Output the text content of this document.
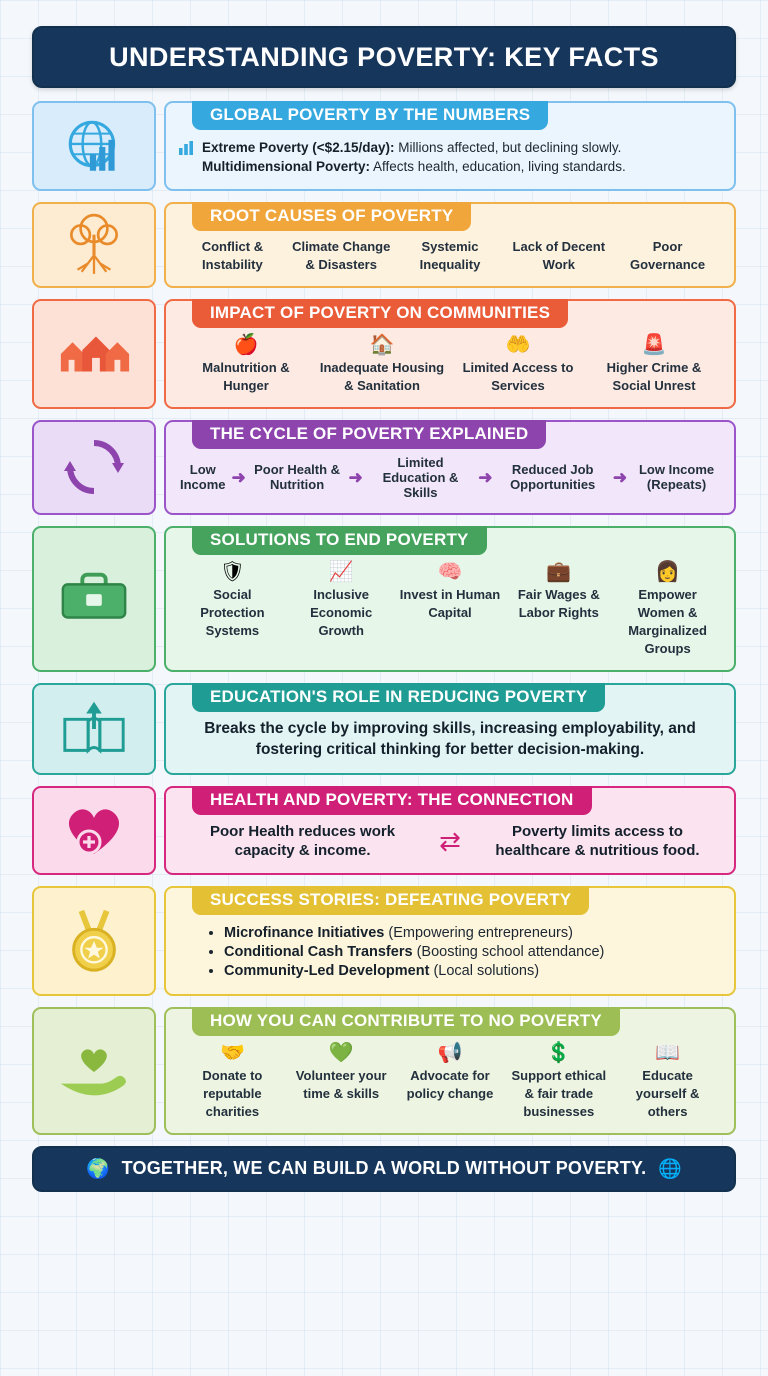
UNDERSTANDING POVERTY: KEY FACTS
GLOBAL POVERTY BY THE NUMBERS
Extreme Poverty (<$2.15/day): Millions affected, but declining slowly.
Multidimensional Poverty: Affects health, education, living standards.
ROOT CAUSES OF POVERTY
Conflict & Instability
Climate Change & Disasters
Systemic Inequality
Lack of Decent Work
Poor Governance
IMPACT OF POVERTY ON COMMUNITIES
🍎
Malnutrition & Hunger
🏠
Inadequate Housing & Sanitation
🤲
Limited Access to Services
🚨
Higher Crime & Social Unrest
THE CYCLE OF POVERTY EXPLAINED
Low Income ➜ Poor Health & Nutrition	➜
Limited Education & Skills
➜	Reduced Job Opportunities	➜ Low Income (Repeats)
SOLUTIONS TO END POVERTY
🛡
Social Protection Systems
📈
Inclusive Economic Growth
🧠
Invest in Human Capital
💼
Fair Wages & Labor Rights
👩
Empower Women & Marginalized Groups
EDUCATION'S ROLE IN REDUCING POVERTY
Breaks the cycle by improving skills, increasing employability, and fostering critical thinking for better decision-making.
HEALTH AND POVERTY: THE CONNECTION
Poor Health reduces work capacity & income.	⇄	Poverty limits access to healthcare & nutritious food.
SUCCESS STORIES: DEFEATING POVERTY
• Microfinance Initiatives (Empowering entrepreneurs)
• Conditional Cash Transfers (Boosting school attendance)
• Community-Led Development (Local solutions)
HOW YOU CAN CONTRIBUTE TO NO POVERTY
🤝
Donate to reputable charities
💚
Volunteer your time & skills
📢
Advocate for policy change
💲
Support ethical & fair trade businesses
📖
Educate yourself & others
🌍 TOGETHER, WE CAN BUILD A WORLD WITHOUT POVERTY. 🌐
